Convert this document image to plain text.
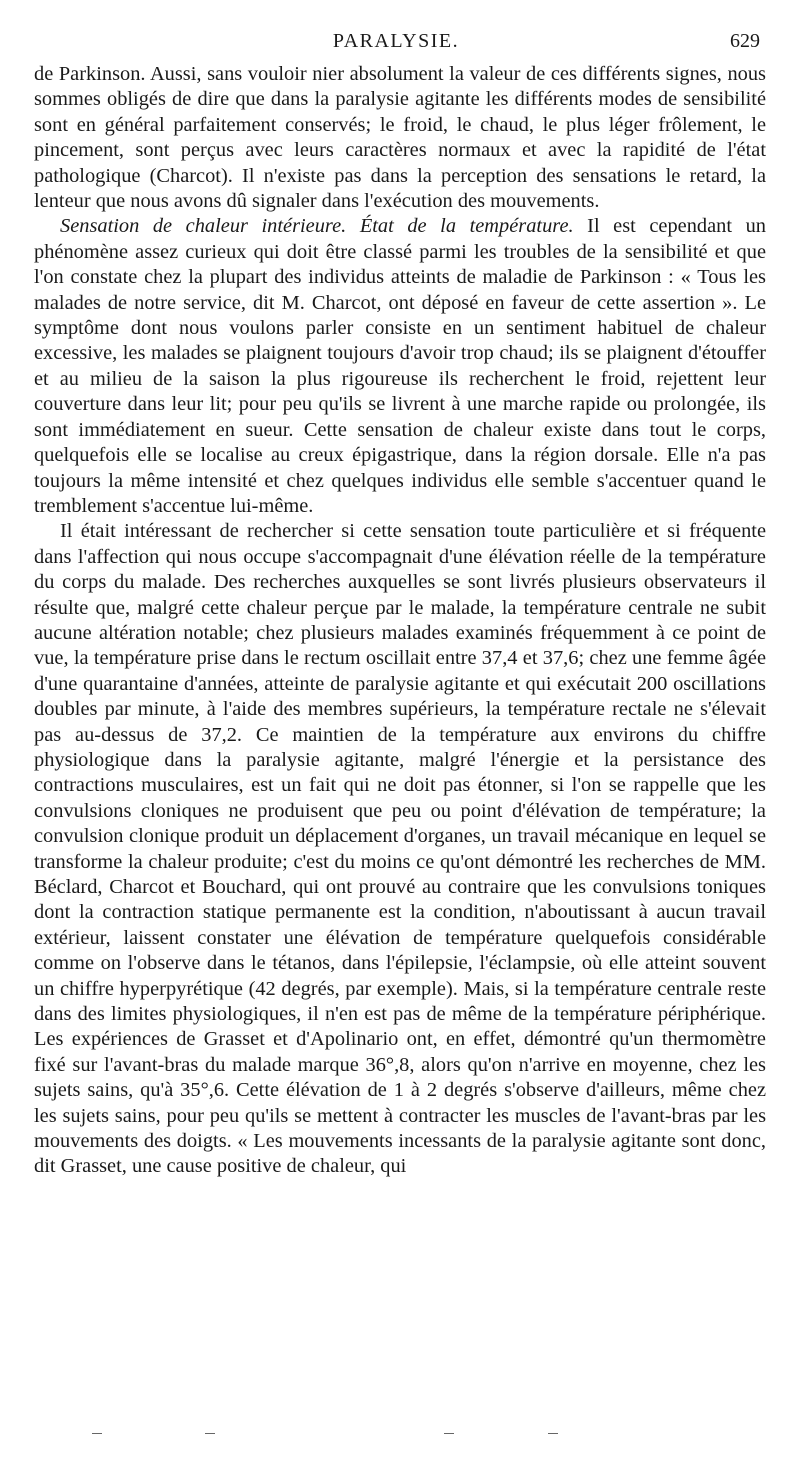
PARALYSIE.	629

de Parkinson. Aussi, sans vouloir nier absolument la valeur de ces différents signes, nous sommes obligés de dire que dans la paralysie agitante les différents modes de sensibilité sont en général parfaitement conservés; le froid, le chaud, le plus léger frôlement, le pincement, sont perçus avec leurs caractères normaux et avec la rapidité de l'état pathologique (Charcot). Il n'existe pas dans la perception des sensations le retard, la lenteur que nous avons dû signaler dans l'exécution des mouvements.

Sensation de chaleur intérieure. État de la température. Il est cependant un phénomène assez curieux qui doit être classé parmi les troubles de la sensibilité et que l'on constate chez la plupart des individus atteints de maladie de Parkinson : « Tous les malades de notre service, dit M. Charcot, ont déposé en faveur de cette assertion ». Le symptôme dont nous voulons parler consiste en un sentiment habituel de chaleur excessive, les malades se plaignent toujours d'avoir trop chaud; ils se plaignent d'étouffer et au milieu de la saison la plus rigoureuse ils recherchent le froid, rejettent leur couverture dans leur lit; pour peu qu'ils se livrent à une marche rapide ou prolongée, ils sont immédiatement en sueur. Cette sensation de chaleur existe dans tout le corps, quelquefois elle se localise au creux épigastrique, dans la région dorsale. Elle n'a pas toujours la même intensité et chez quelques individus elle semble s'accentuer quand le tremblement s'accentue lui-même.

Il était intéressant de rechercher si cette sensation toute particulière et si fréquente dans l'affection qui nous occupe s'accompagnait d'une élévation réelle de la température du corps du malade. Des recherches auxquelles se sont livrés plusieurs observateurs il résulte que, malgré cette chaleur perçue par le malade, la température centrale ne subit aucune altération notable; chez plusieurs malades examinés fréquemment à ce point de vue, la température prise dans le rectum oscillait entre 37,4 et 37,6; chez une femme âgée d'une quarantaine d'années, atteinte de paralysie agitante et qui exécutait 200 oscillations doubles par minute, à l'aide des membres supérieurs, la température rectale ne s'élevait pas au-dessus de 37,2. Ce maintien de la température aux environs du chiffre physiologique dans la paralysie agitante, malgré l'énergie et la persistance des contractions musculaires, est un fait qui ne doit pas étonner, si l'on se rappelle que les convulsions cloniques ne produisent que peu ou point d'élévation de température; la convulsion clonique produit un déplacement d'organes, un travail mécanique en lequel se transforme la chaleur produite; c'est du moins ce qu'ont démontré les recherches de MM. Béclard, Charcot et Bouchard, qui ont prouvé au contraire que les convulsions toniques dont la contraction statique permanente est la condition, n'aboutissant à aucun travail extérieur, laissent constater une élévation de température quelquefois considérable comme on l'observe dans le tétanos, dans l'épilepsie, l'éclampsie, où elle atteint souvent un chiffre hyperpyrétique (42 degrés, par exemple). Mais, si la température centrale reste dans des limites physiologiques, il n'en est pas de même de la température périphérique. Les expériences de Grasset et d'Apolinario ont, en effet, démontré qu'un thermomètre fixé sur l'avant-bras du malade marque 36°,8, alors qu'on n'arrive en moyenne, chez les sujets sains, qu'à 35°,6. Cette élévation de 1 à 2 degrés s'observe d'ailleurs, même chez les sujets sains, pour peu qu'ils se mettent à contracter les muscles de l'avant-bras par les mouvements des doigts. « Les mouvements incessants de la paralysie agitante sont donc, dit Grasset, une cause positive de chaleur, qui
